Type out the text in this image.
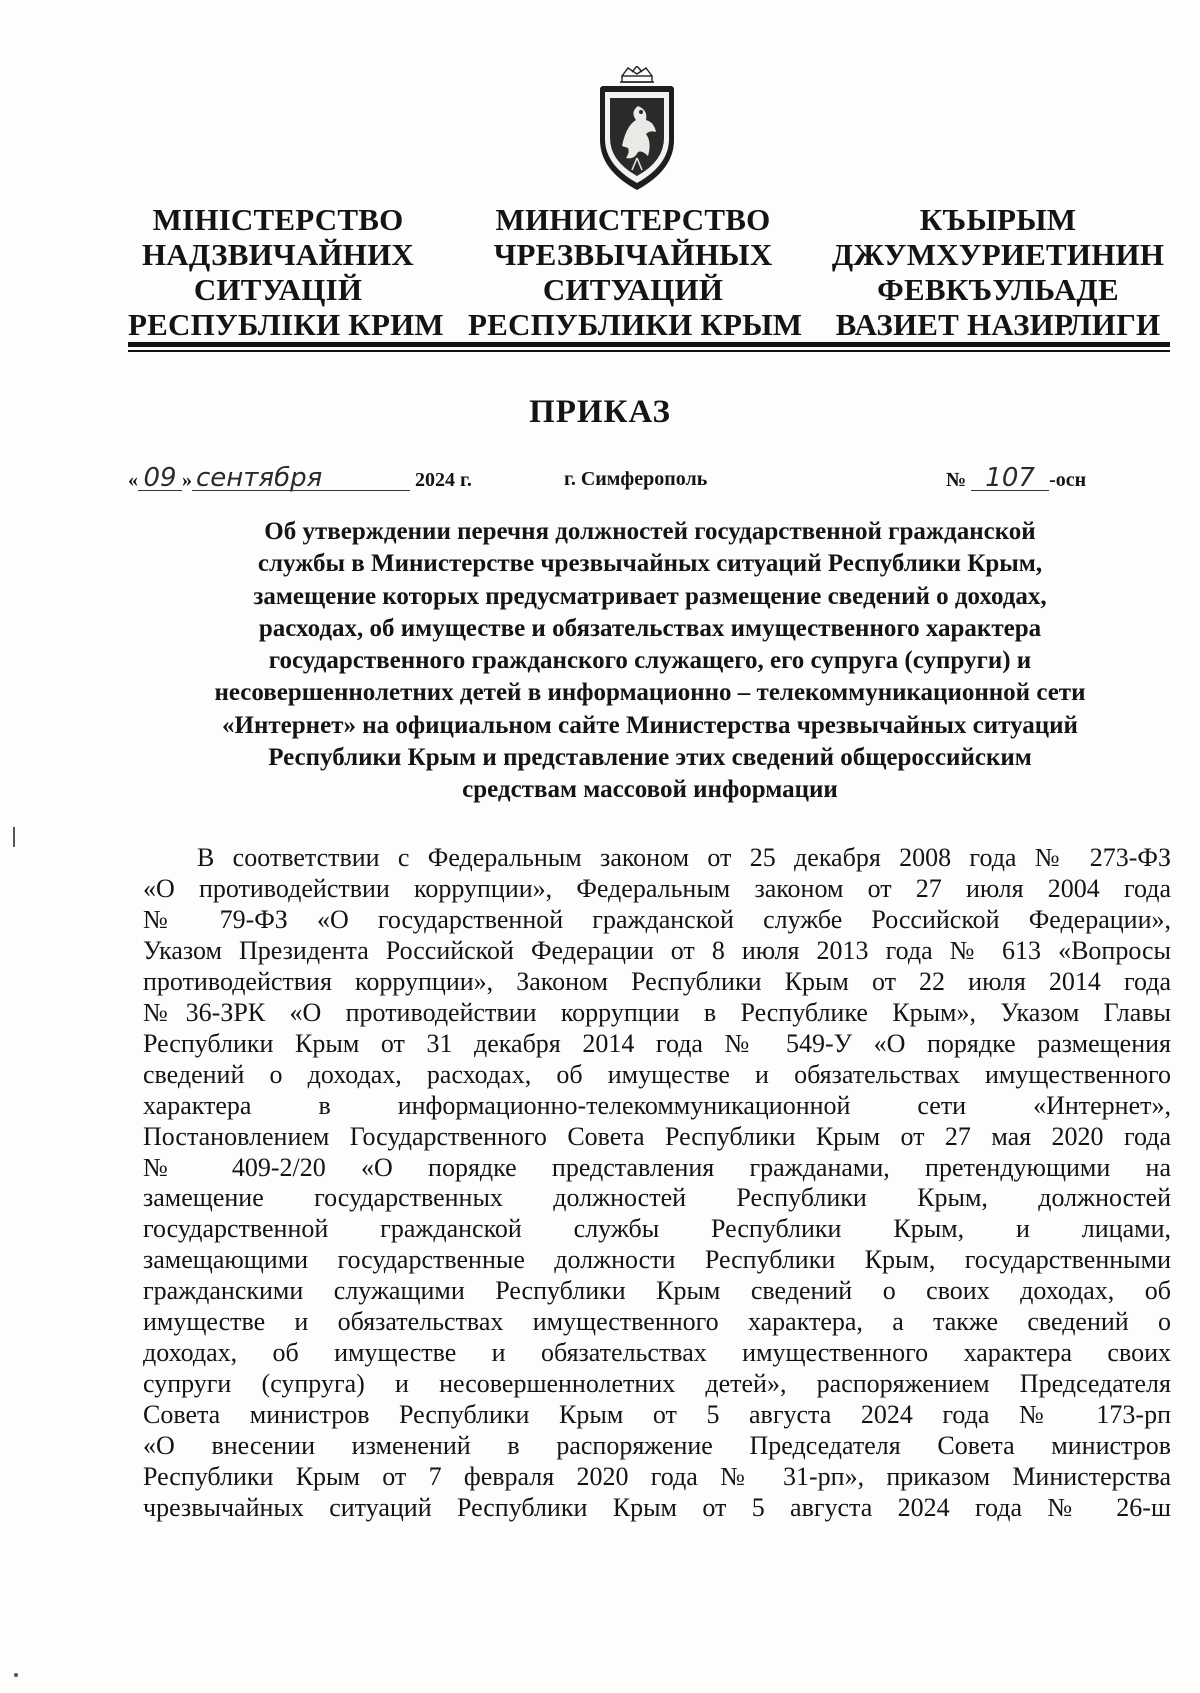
МІНІСТЕРСТВО
НАДЗВИЧАЙНИХ
СИТУАЦІЙ
РЕСПУБЛІКИ КРИМ
МИНИСТЕРСТВО
ЧРЕЗВЫЧАЙНЫХ
СИТУАЦИЙ
РЕСПУБЛИКИ КРЫМ
КЪЫРЫМ
ДЖУМХУРИЕТИНИН
ФЕВКЪУЛЬАДЕ
ВАЗИЕТ НАЗИРЛИГИ
ПРИКАЗ
« 09 » сентября	2024 г.	г. Симферополь	№ 107 -осн
Об утверждении перечня должностей государственной гражданской
службы в Министерстве чрезвычайных ситуаций Республики Крым,
замещение которых предусматривает размещение сведений о доходах,
расходах, об имуществе и обязательствах имущественного характера
государственного гражданского служащего, его супруга (супруги) и
несовершеннолетних детей в информационно – телекоммуникационной сети
«Интернет» на официальном сайте Министерства чрезвычайных ситуаций
Республики Крым и представление этих сведений общероссийским
средствам массовой информации
В соответствии с Федеральным законом от 25 декабря 2008 года № 273-ФЗ
«О противодействии коррупции», Федеральным законом от 27 июля 2004 года
№ 79-ФЗ «О государственной гражданской службе Российской Федерации»,
Указом Президента Российской Федерации от 8 июля 2013 года № 613 «Вопросы
противодействия коррупции», Законом Республики Крым от 22 июля 2014 года
№36-ЗРК «О противодействии коррупции в Республике Крым», Указом Главы
Республики Крым от 31 декабря 2014 года № 549-У «О порядке размещения
сведений о доходах, расходах, об имуществе и обязательствах имущественного
характера в информационно-телекоммуникационной сети «Интернет»,
Постановлением Государственного Совета Республики Крым от 27 мая 2020 года
№ 409-2/20 «О порядке представления гражданами, претендующими на
замещение государственных должностей Республики Крым, должностей
государственной гражданской службы Республики Крым, и лицами,
замещающими государственные должности Республики Крым, государственными
гражданскими служащими Республики Крым сведений о своих доходах, об
имуществе и обязательствах имущественного характера, а также сведений о
доходах, об имуществе и обязательствах имущественного характера своих
супруги (супруга) и несовершеннолетних детей», распоряжением Председателя
Совета министров Республики Крым от 5 августа 2024 года № 173-рп
«О внесении изменений в распоряжение Председателя Совета министров
Республики Крым от 7 февраля 2020 года № 31-рп», приказом Министерства
чрезвычайных ситуаций Республики Крым от 5 августа 2024 года № 26-ш
